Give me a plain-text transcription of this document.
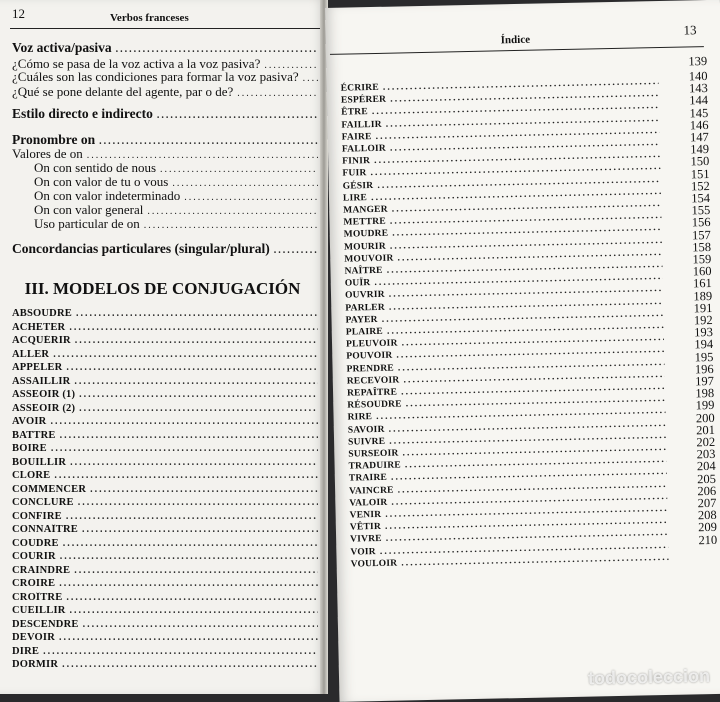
12	Verbos franceses
Voz activa/pasiva
.....
¿Cómo se pasa de la voz activa a la voz pasiva?
.....
¿Cuáles son las condiciones para formar la voz pasiva?
.....
¿Qué se pone delante del agente, par o de?
.....
Estilo directo e indirecto
.....
Pronombre on
.....
Valores de on
.....
On con sentido de nous
.....
On con valor de tu o vous
.....
On con valor indeterminado
.....
On con valor general
.....
Uso particular de on
.....
Concordancias particulares (singular/plural)
.....
III. MODELOS DE CONJUGACIÓN
ABSOUDRE
.....
ACHETER
.....
ACQUÉRIR
.....
ALLER
.....
APPELER
.....
ASSAILLIR
.....
ASSEOIR (1)
.....
ASSEOIR (2)
.....
AVOIR
.....
BATTRE
.....
BOIRE
.....
BOUILLIR
.....
CLORE
.....
COMMENCER
.....
CONCLURE
.....
CONFIRE
.....
CONNAÎTRE
.....
COUDRE
.....
COURIR
.....
CRAINDRE
.....
CROIRE
.....
CROÎTRE
.....
CUEILLIR
.....
DESCENDRE
.....
DEVOIR
.....
DIRE
.....
DORMIR
.....
Índice
13
139
ÉCRIRE
.....
140
ESPÉRER
.....
143
ÊTRE
.....
144
FAILLIR
.....
145
FAIRE
.....
146
FALLOIR
.....
147
FINIR
.....
149
FUIR
.....
150
GÉSIR
.....
151
LIRE
.....
152
MANGER
.....
154
METTRE
.....
155
MOUDRE
.....
156
MOURIR
.....
157
MOUVOIR
.....
158
NAÎTRE
.....
159
OUÏR
.....
160
OUVRIR
.....
161
PARLER
.....
189
PAYER
.....
191
PLAIRE
.....
192
PLEUVOIR
.....
193
POUVOIR
.....
194
PRENDRE
.....
195
RECEVOIR
.....
196
REPAÎTRE
.....
197
RÉSOUDRE
.....
198
RIRE
.....
199
SAVOIR
.....
200
SUIVRE
.....
201
SURSEOIR
.....
202
TRADUIRE
.....
203
TRAIRE
.....
204
VAINCRE
.....
205
VALOIR
.....
206
VENIR
.....
207
VÊTIR
.....
208
VIVRE
.....
209
VOIR
.....
210
VOULOIR
.....
todocoleccion
